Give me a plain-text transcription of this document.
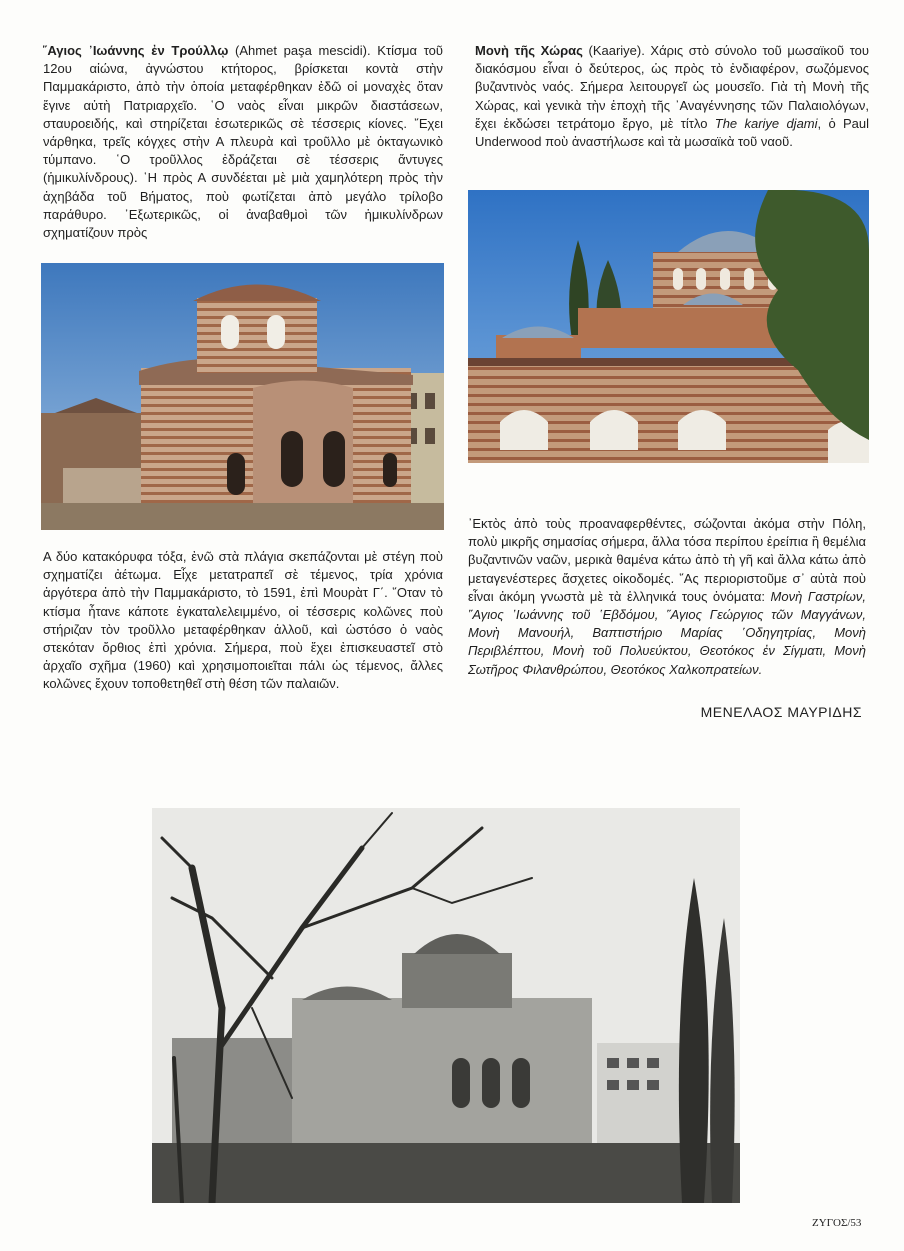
῞Αγιος ᾽Ιωάννης ἐν Τρούλλῳ (Ahmet paşa mescidi). Κτίσμα τοῦ 12ου αἰώνα, ἀγνώστου κτήτορος, βρίσκεται κοντὰ στὴν Παμμακάριστο, ἀπὸ τὴν ὁποία μεταφέρθηκαν ἐδῶ οἱ μοναχὲς ὅταν ἔγινε αὐτὴ Πατριαρχεῖο. ῾Ο ναὸς εἶναι μικρῶν διαστάσεων, σταυροειδής, καὶ στηρίζεται ἐσωτερικῶς σὲ τέσσερις κίονες. ῎Εχει νάρθηκα, τρεῖς κόγχες στὴν Α πλευρὰ καὶ τροῦλλο μὲ ὀκταγωνικὸ τύμπανο. ῾Ο τροῦλλος ἑδράζεται σὲ τέσσερις ἄντυγες (ἡμικυλίνδρους). ῾Η πρὸς Α συνδέεται μὲ μιὰ χαμηλότερη πρὸς τὴν ἀχηβάδα τοῦ Βήματος, ποὺ φωτίζεται ἀπὸ μεγάλο τρίλοβο παράθυρο. ᾽Εξωτερικῶς, οἱ ἀναβαθμοὶ τῶν ἡμικυλίνδρων σχηματίζουν πρὸς

Α δύο κατακόρυφα τόξα, ἐνῶ στὰ πλάγια σκεπάζονται μὲ στέγη ποὺ σχηματίζει ἀέτωμα. Εἶχε μετατραπεῖ σὲ τέμενος, τρία χρόνια ἀργότερα ἀπὸ τὴν Παμμακάριστο, τὸ 1591, ἐπὶ Μουρὰτ Γ΄. ῞Οταν τὸ κτίσμα ἦτανε κάποτε ἐγκαταλελειμμένο, οἱ τέσσερις κολῶνες ποὺ στήριζαν τὸν τροῦλλο μεταφέρθηκαν ἀλλοῦ, καὶ ὡστόσο ὁ ναὸς στεκόταν ὄρθιος ἐπὶ χρόνια. Σήμερα, ποὺ ἔχει ἐπισκευαστεῖ στὸ ἀρχαῖο σχῆμα (1960) καὶ χρησιμοποιεῖται πάλι ὡς τέμενος, ἄλλες κολῶνες ἔχουν τοποθετηθεῖ στὴ θέση τῶν παλαιῶν.

Μονὴ τῆς Χώρας (Kaariye). Χάρις στὸ σύνολο τοῦ μωσαϊκοῦ του διακόσμου εἶναι ὁ δεύτερος, ὡς πρὸς τὸ ἐνδιαφέρον, σωζόμενος βυζαντινὸς ναός. Σήμερα λειτουργεῖ ὡς μουσεῖο. Γιὰ τὴ Μονὴ τῆς Χώρας, καὶ γενικὰ τὴν ἐποχὴ τῆς ᾽Αναγέννησης τῶν Παλαιολόγων, ἔχει ἐκδώσει τετράτομο ἔργο, μὲ τίτλο The kariye djami, ὁ Paul Underwood ποὺ ἀναστήλωσε καὶ τὰ μωσαϊκὰ τοῦ ναοῦ.

᾽Εκτὸς ἀπὸ τοὺς προαναφερθέντες, σώζονται ἀκόμα στὴν Πόλη, πολὺ μικρῆς σημασίας σήμερα, ἄλλα τόσα περίπου ἐρείπια ἢ θεμέλια βυζαντινῶν ναῶν, μερικὰ θαμένα κάτω ἀπὸ τὴ γῆ καὶ ἄλλα κάτω ἀπὸ μεταγενέστερες ἄσχετες οἰκοδομές. ῞Ας περιοριστοῦμε σ᾽ αὐτὰ ποὺ εἶναι ἀκόμη γνωστὰ μὲ τὰ ἑλληνικά τους ὀνόματα: Μονὴ Γαστρίων, ῞Αγιος ᾽Ιωάννης τοῦ ῾Εβδόμου, ῞Αγιος Γεώργιος τῶν Μαγγάνων, Μονὴ Μανουήλ, Βαπτιστήριο Μαρίας ῾Οδηγητρίας, Μονὴ Περιβλέπτου, Μονὴ τοῦ Πολυεύκτου, Θεοτόκος ἐν Σίγματι, Μονὴ Σωτῆρος Φιλανθρώπου, Θεοτόκος Χαλκοπρατείων.

ΜΕΝΕΛΑΟΣ ΜΑΥΡΙΔΗΣ

ΖΥΓΟΣ/53
